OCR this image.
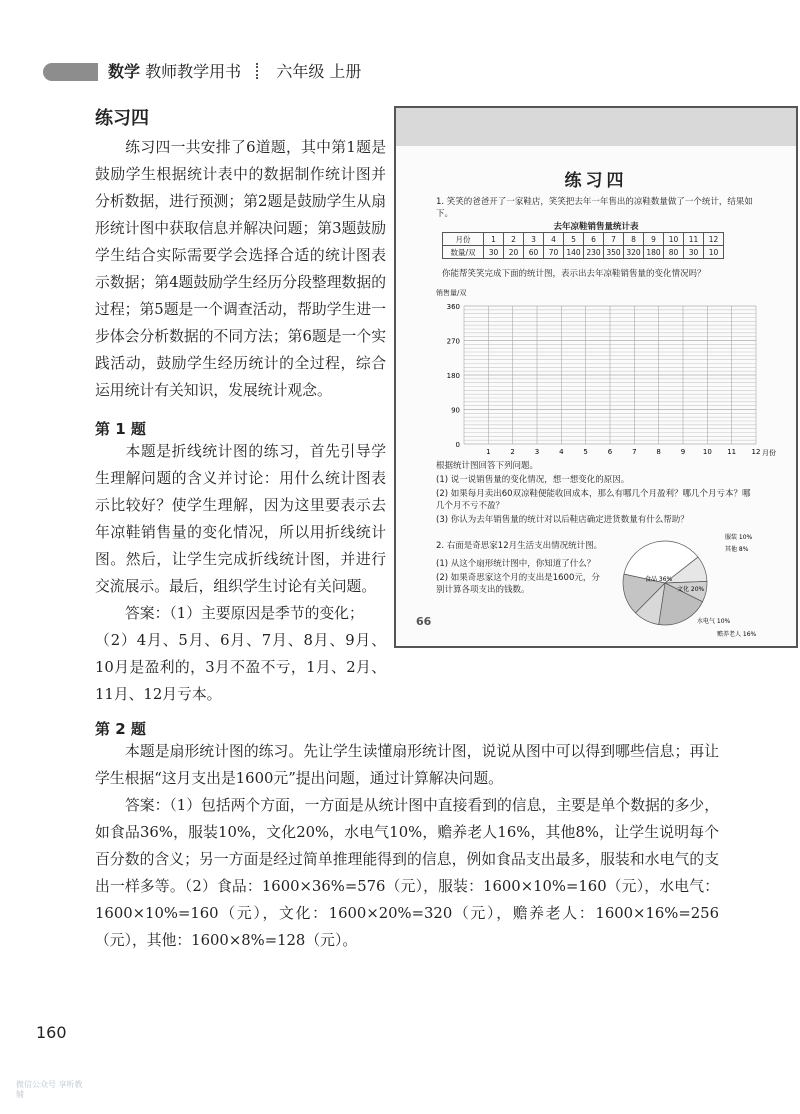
数学 教师教学用书 六年级 上册
练习四
练习四一共安排了6道题，其中第1题是鼓励学生根据统计表中的数据制作统计图并分析数据，进行预测；第2题是鼓励学生从扇形统计图中获取信息并解决问题；第3题鼓励学生结合实际需要学会选择合适的统计图表示数据；第4题鼓励学生经历分段整理数据的过程；第5题是一个调查活动，帮助学生进一步体会分析数据的不同方法；第6题是一个实践活动，鼓励学生经历统计的全过程，综合运用统计有关知识，发展统计观念。
第 1 题
本题是折线统计图的练习，首先引导学生理解问题的含义并讨论：用什么统计图表示比较好？使学生理解，因为这里要表示去年凉鞋销售量的变化情况，所以用折线统计图。然后，让学生完成折线统计图，并进行交流展示。最后，组织学生讨论有关问题。
答案：（1）主要原因是季节的变化；
（2）4月、5月、6月、7月、8月、9月、10月是盈利的，3月不盈不亏，1月、2月、11月、12月亏本。
第 2 题
本题是扇形统计图的练习。先让学生读懂扇形统计图，说说从图中可以得到哪些信息；再让学生根据“这月支出是1600元”提出问题，通过计算解决问题。
答案：（1）包括两个方面，一方面是从统计图中直接看到的信息，主要是单个数据的多少，如食品36%，服装10%，文化20%，水电气10%，赡养老人16%，其他8%，让学生说明每个百分数的含义；另一方面是经过简单推理能得到的信息，例如食品支出最多，服装和水电气的支出一样多等。（2）食品：1600×36%=576（元），服装：1600×10%=160（元），水电气：1600×10%=160（元），文化：1600×20%=320（元），赡养老人：1600×16%=256（元），其他：1600×8%=128（元）。
160
微信公众号 享听教辅
练习四
1. 笑笑的爸爸开了一家鞋店，笑笑把去年一年售出的凉鞋数量做了一个统计，结果如下。
去年凉鞋销售量统计表
月份	1	2	3	4	5	6	7	8	9	10	11	12
数量/双	30	20	60	70	140	230	350	320	180	80	30	10
你能帮笑笑完成下面的统计图，表示出去年凉鞋销售量的变化情况吗？
销售量/双
0
90
180
270
360
1	2	3	4	5	6	7	8	9	10 11 12 月份
根据统计图回答下列问题。
(1) 说一说销售量的变化情况，想一想变化的原因。
(2) 如果每月卖出60双凉鞋便能收回成本，那么有哪几个月盈利？哪几个月亏本？哪几个月不亏不盈？
(3) 你认为去年销售量的统计对以后鞋店确定进货数量有什么帮助？
2. 右面是奇思家12月生活支出情况统计图。
(1) 从这个扇形统计图中，你知道了什么？
(2) 如果奇思家这个月的支出是1600元，分别计算各项支出的钱数。
食品 36%
服装 10%
其他 8%
文化 20%
水电气 10%
赡养老人 16%
66
